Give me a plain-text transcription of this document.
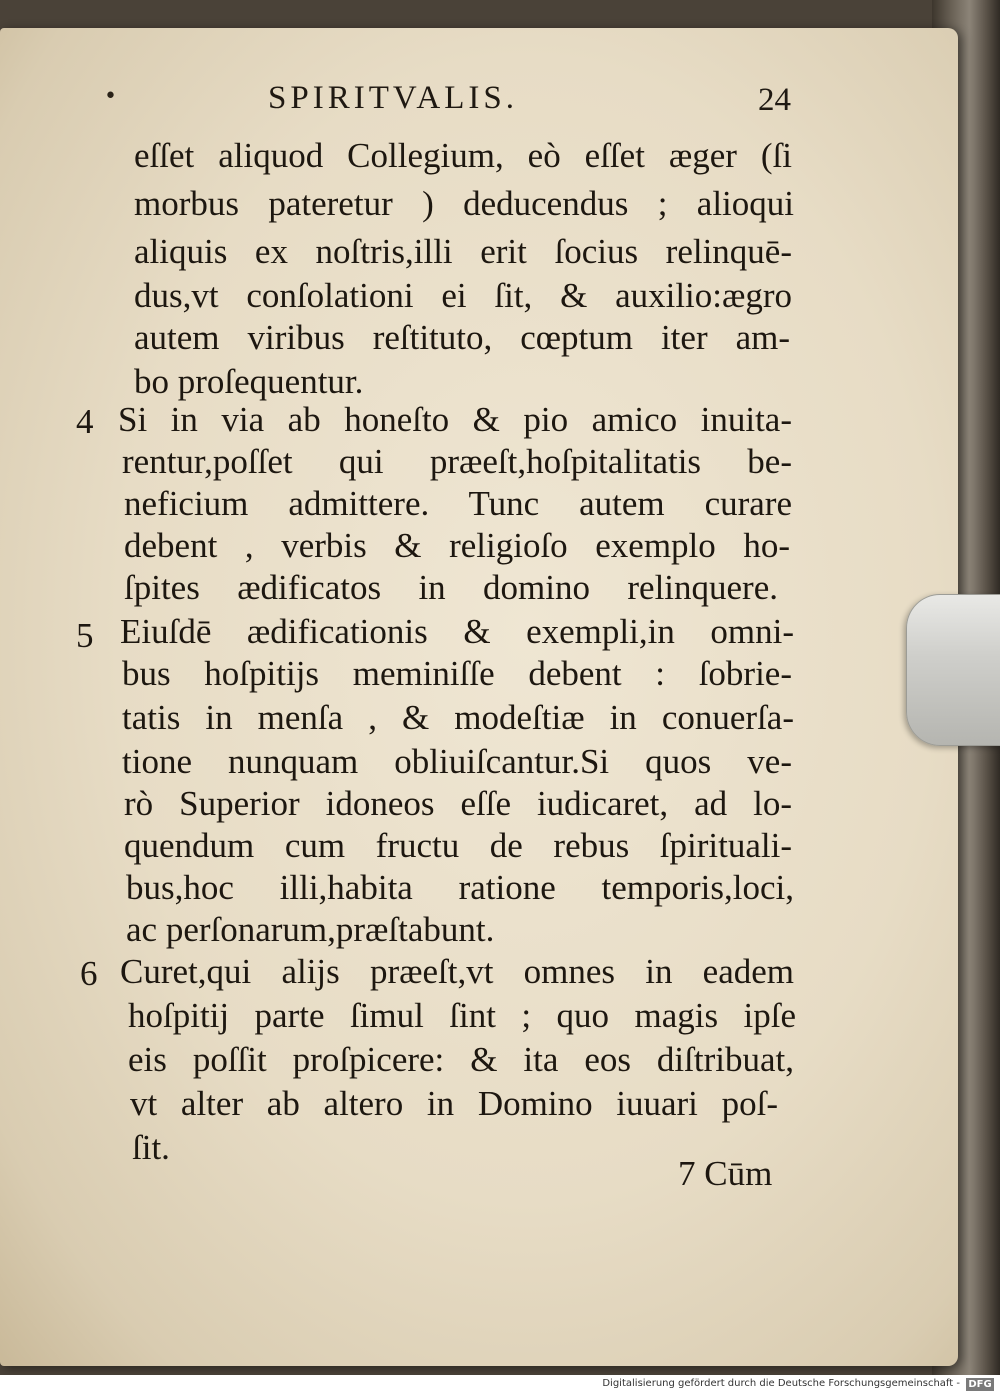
•	SPIRITVALIS.	24
eſſet aliquod Collegium, eò eſſet æger (ſi
morbus pateretur ) deducendus ; alioqui
aliquis ex noſtris,illi erit ſocius relinquē-
dus,vt conſolationi ei ſit, & auxilio:ægro
autem viribus reſtituto, cœptum iter am-
bo proſequentur.
4 Si in via ab honeſto & pio amico inuita-
rentur,poſſet qui præeſt,hoſpitalitatis be-
neficium admittere. Tunc autem curare
debent , verbis & religioſo exemplo ho-
ſpites ædificatos in domino relinquere.
5 Eiuſdē ædificationis & exempli,in omni-
bus hoſpitijs meminiſſe debent : ſobrie-
tatis in menſa , & modeſtiæ in conuerſa-
tione nunquam obliuiſcantur.Si quos ve-
rò Superior idoneos eſſe iudicaret, ad lo-
quendum cum fructu de rebus ſpirituali-
bus,hoc illi,habita ratione temporis,loci,
ac perſonarum,præſtabunt.
6 Curet,qui alijs præeſt,vt omnes in eadem
hoſpitij parte ſimul ſint ; quo magis ipſe
eis poſſit proſpicere: & ita eos diſtribuat,
vt alter ab altero in Domino iuuari poſ-
ſit.
7 Cūm
Digitalisierung gefördert durch die Deutsche Forschungsgemeinschaft - DFG
